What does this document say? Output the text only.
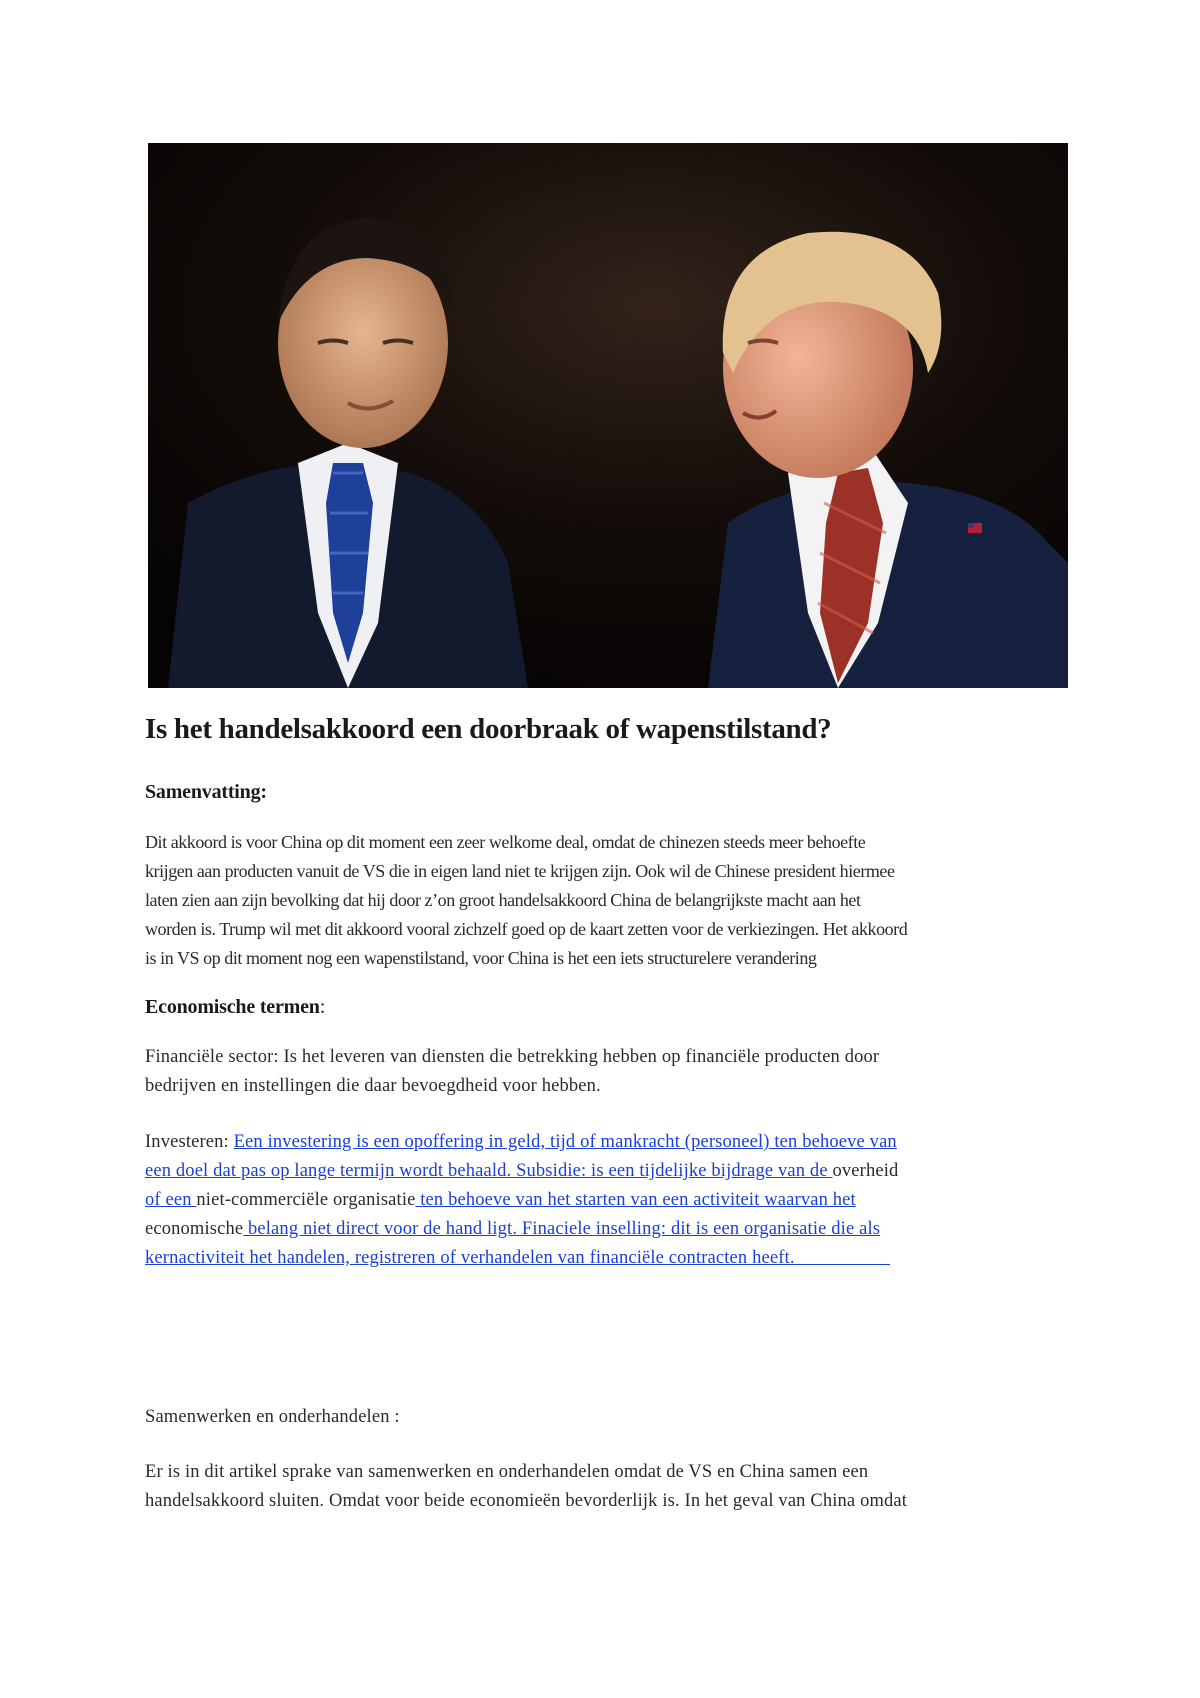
Is het handelsakkoord een doorbraak of wapenstilstand?
Samenvatting:
Dit akkoord is voor China op dit moment een zeer welkome deal, omdat de chinezen steeds meer behoefte
krijgen aan producten vanuit de VS die in eigen land niet te krijgen zijn. Ook wil de Chinese president hiermee
laten zien aan zijn bevolking dat hij door z’on groot handelsakkoord China de belangrijkste macht aan het
worden is. Trump wil met dit akkoord vooral zichzelf goed op de kaart zetten voor de verkiezingen. Het akkoord
is in VS op dit moment nog een wapenstilstand, voor China is het een iets structurelere verandering
Economische termen:
Financiële sector: Is het leveren van diensten die betrekking hebben op financiële producten door
bedrijven en instellingen die daar bevoegdheid voor hebben.
Investeren: Een investering is een opoffering in geld, tijd of mankracht (personeel) ten behoeve van
een doel dat pas op lange termijn wordt behaald. Subsidie: is een tijdelijke bijdrage van de overheid
of een niet-commerciële organisatie ten behoeve van het starten van een activiteit waarvan het
economische belang niet direct voor de hand ligt. Finaciele inselling: dit is een organisatie die als
kernactiviteit het handelen, registreren of verhandelen van financiële contracten heeft.
Samenwerken en onderhandelen :
Er is in dit artikel sprake van samenwerken en onderhandelen omdat de VS en China samen een
handelsakkoord sluiten. Omdat voor beide economieën bevorderlijk is. In het geval van China omdat
